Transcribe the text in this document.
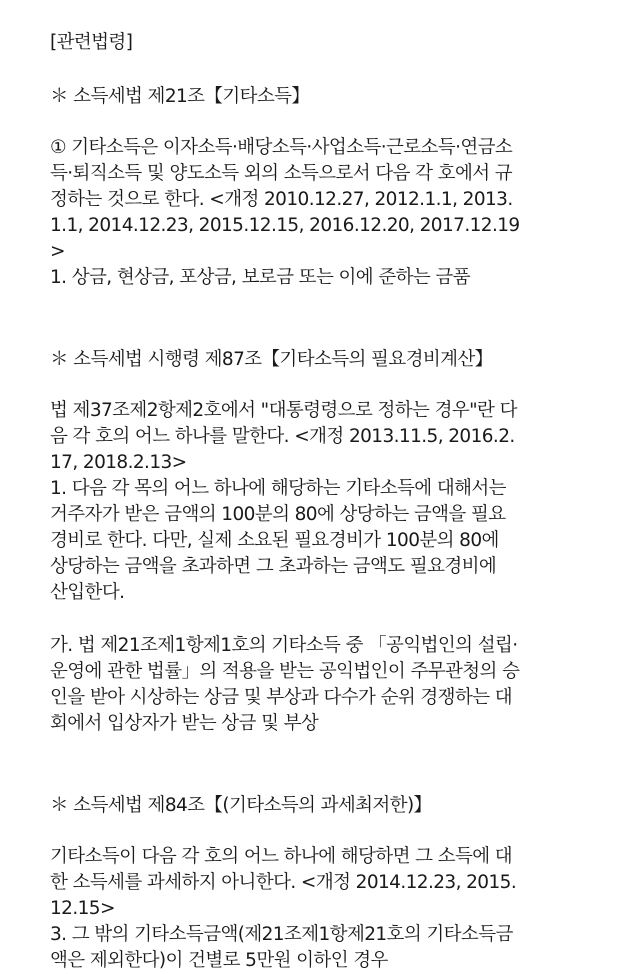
[관련법령]
＊ 소득세법 제21조【기타소득】
① 기타소득은 이자소득·배당소득·사업소득·근로소득·연금소
득·퇴직소득 및 양도소득 외의 소득으로서 다음 각 호에서 규
정하는 것으로 한다. <개정 2010.12.27, 2012.1.1, 2013.
1.1, 2014.12.23, 2015.12.15, 2016.12.20, 2017.12.19
>
1. 상금, 현상금, 포상금, 보로금 또는 이에 준하는 금품
＊ 소득세법 시행령 제87조【기타소득의 필요경비계산】
법 제37조제2항제2호에서 "대통령령으로 정하는 경우"란 다
음 각 호의 어느 하나를 말한다. <개정 2013.11.5, 2016.2.
17, 2018.2.13>
1. 다음 각 목의 어느 하나에 해당하는 기타소득에 대해서는
거주자가 받은 금액의 100분의 80에 상당하는 금액을 필요
경비로 한다. 다만, 실제 소요된 필요경비가 100분의 80에
상당하는 금액을 초과하면 그 초과하는 금액도 필요경비에
산입한다.
가. 법 제21조제1항제1호의 기타소득 중 「공익법인의 설립·
운영에 관한 법률」의 적용을 받는 공익법인이 주무관청의 승
인을 받아 시상하는 상금 및 부상과 다수가 순위 경쟁하는 대
회에서 입상자가 받는 상금 및 부상
＊ 소득세법 제84조【(기타소득의 과세최저한)】
기타소득이 다음 각 호의 어느 하나에 해당하면 그 소득에 대
한 소득세를 과세하지 아니한다. <개정 2014.12.23, 2015.
12.15>
3. 그 밖의 기타소득금액(제21조제1항제21호의 기타소득금
액은 제외한다)이 건별로 5만원 이하인 경우
